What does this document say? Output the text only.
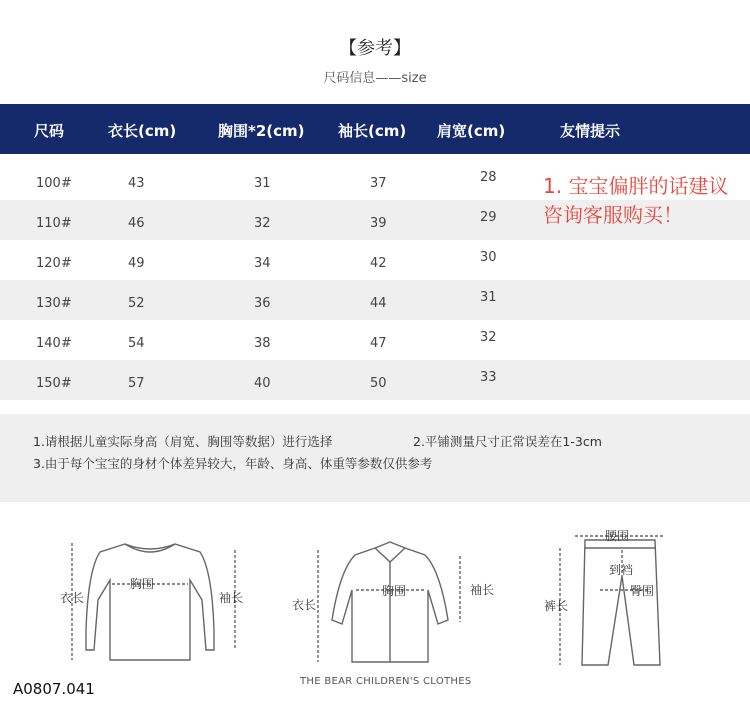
【参考】
尺码信息——size
尺码	衣长(cm)	胸围*2(cm) 袖长(cm) 肩宽(cm)	友情提示
100#	43	31	37	28
110#	46	32	39	29
120#	49	34	42	30
130#	52	36	44	31
140#	54	38	47	32
150#	57	40	50	33
1. 宝宝偏胖的话建议咨询客服购买！
1.请根据儿童实际身高（肩宽、胸围等数据）进行选择	2.平铺测量尺寸正常误差在1-3cm
3.由于每个宝宝的身材个体差异较大，年龄、身高、体重等参数仅供参考
衣长
胸围
袖长	衣长
胸围	袖长
腰围
到裆
臀围
裤长
THE BEAR CHILDREN'S CLOTHES
A0807.041
